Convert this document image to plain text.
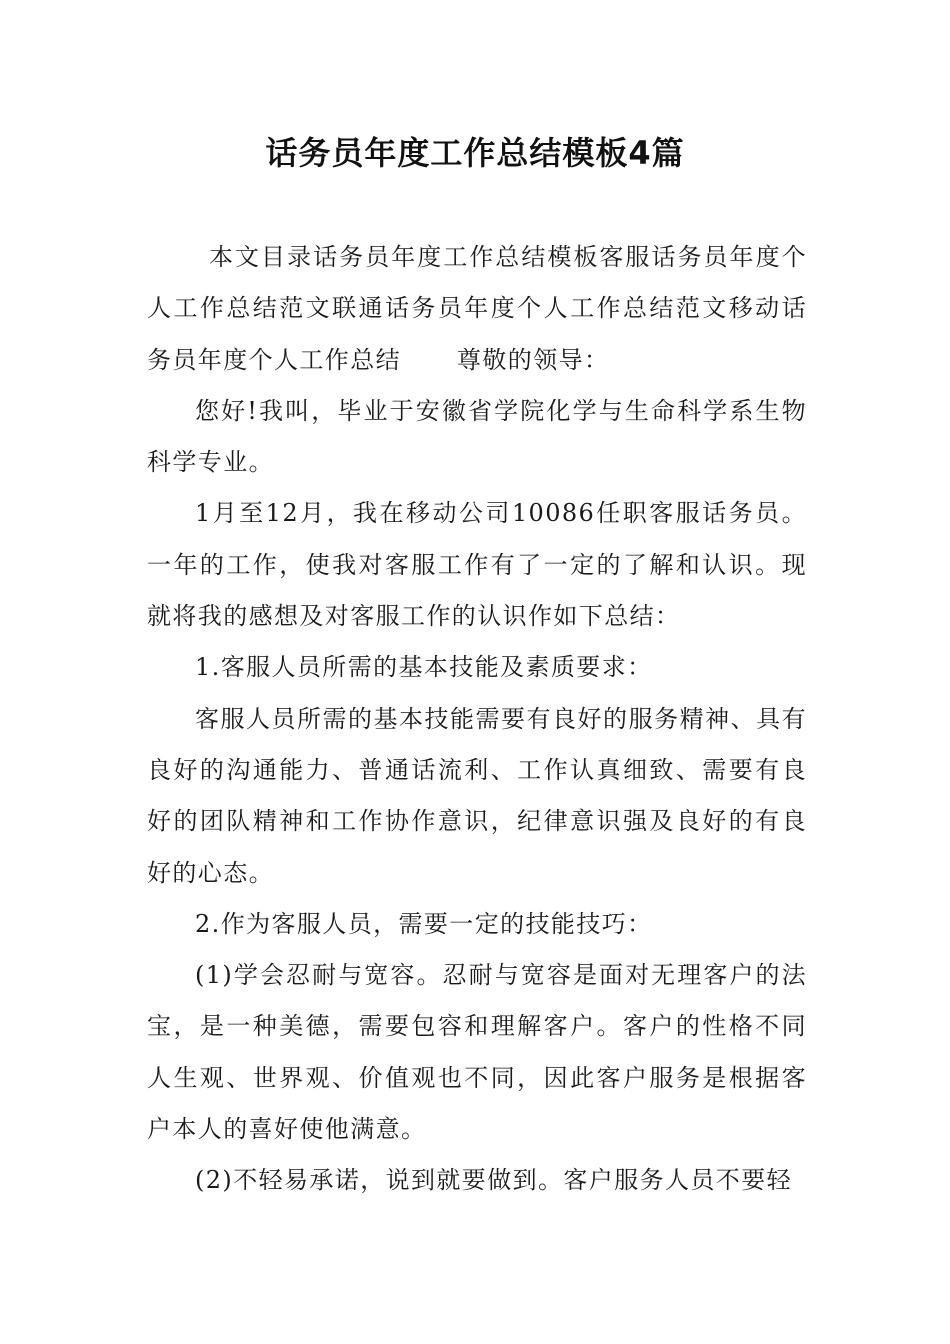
话务员年度工作总结模板4篇

本文目录话务员年度工作总结模板客服话务员年度个人工作总结范文联通话务员年度个人工作总结范文移动话务员年度个人工作总结 尊敬的领导：

您好!我叫，毕业于安徽省学院化学与生命科学系生物科学专业。

1月至12月，我在移动公司10086任职客服话务员。一年的工作，使我对客服工作有了一定的了解和认识。现就将我的感想及对客服工作的认识作如下总结：

1.客服人员所需的基本技能及素质要求：

客服人员所需的基本技能需要有良好的服务精神、具有良好的沟通能力、普通话流利、工作认真细致、需要有良好的团队精神和工作协作意识，纪律意识强及良好的有良好的心态。

2.作为客服人员，需要一定的技能技巧：

(1)学会忍耐与宽容。忍耐与宽容是面对无理客户的法宝，是一种美德，需要包容和理解客户。客户的性格不同人生观、世界观、价值观也不同，因此客户服务是根据客户本人的喜好使他满意。

(2)不轻易承诺，说到就要做到。客户服务人员不要轻
